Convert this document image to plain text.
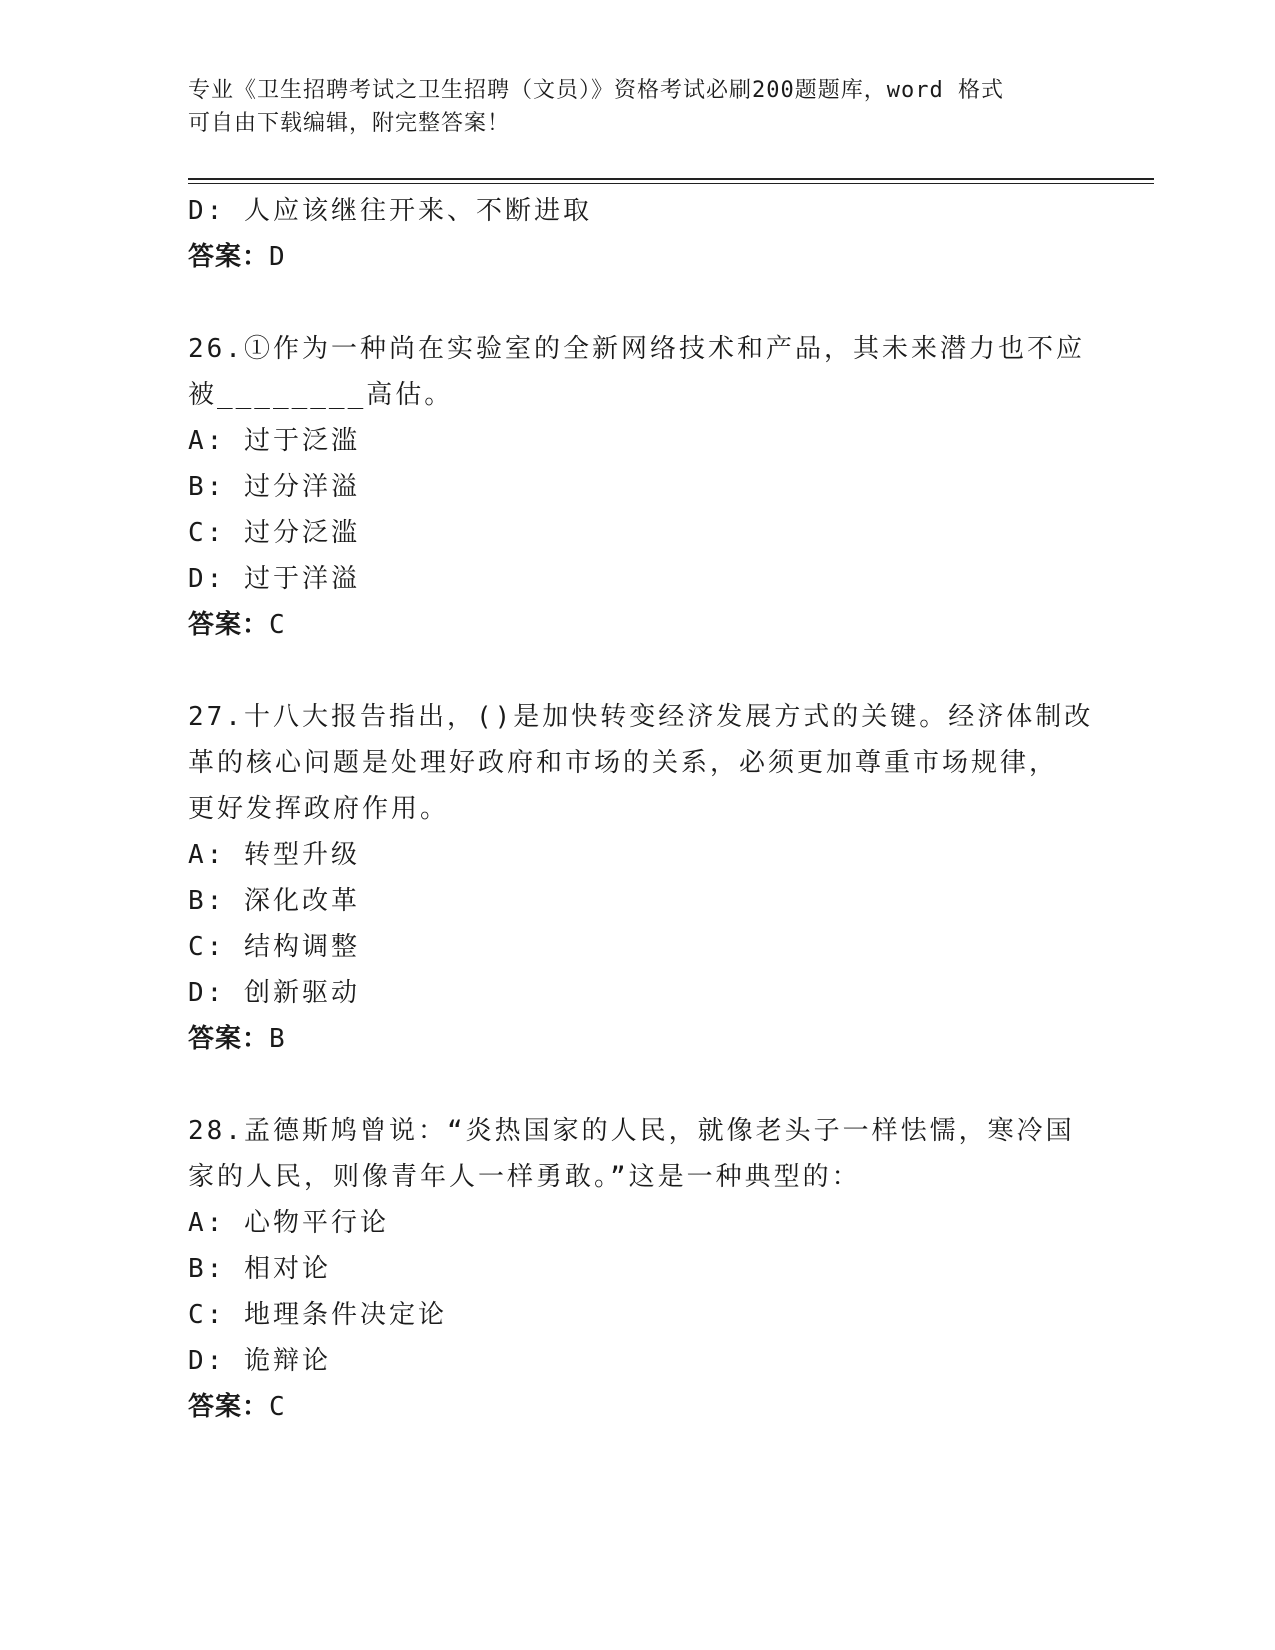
专业《卫生招聘考试之卫生招聘（文员）》资格考试必刷200题题库，word 格式
可自由下载编辑，附完整答案！
D: 人应该继往开来、不断进取
答案：D
26.①作为一种尚在实验室的全新网络技术和产品，其未来潜力也不应
被________高估。
A: 过于泛滥
B: 过分洋溢
C: 过分泛滥
D: 过于洋溢
答案：C
27.十八大报告指出，()是加快转变经济发展方式的关键。经济体制改
革的核心问题是处理好政府和市场的关系，必须更加尊重市场规律，
更好发挥政府作用。
A: 转型升级
B: 深化改革
C: 结构调整
D: 创新驱动
答案：B
28.孟德斯鸠曾说：“炎热国家的人民，就像老头子一样怯懦，寒冷国
家的人民，则像青年人一样勇敢。”这是一种典型的：
A: 心物平行论
B: 相对论
C: 地理条件决定论
D: 诡辩论
答案：C
